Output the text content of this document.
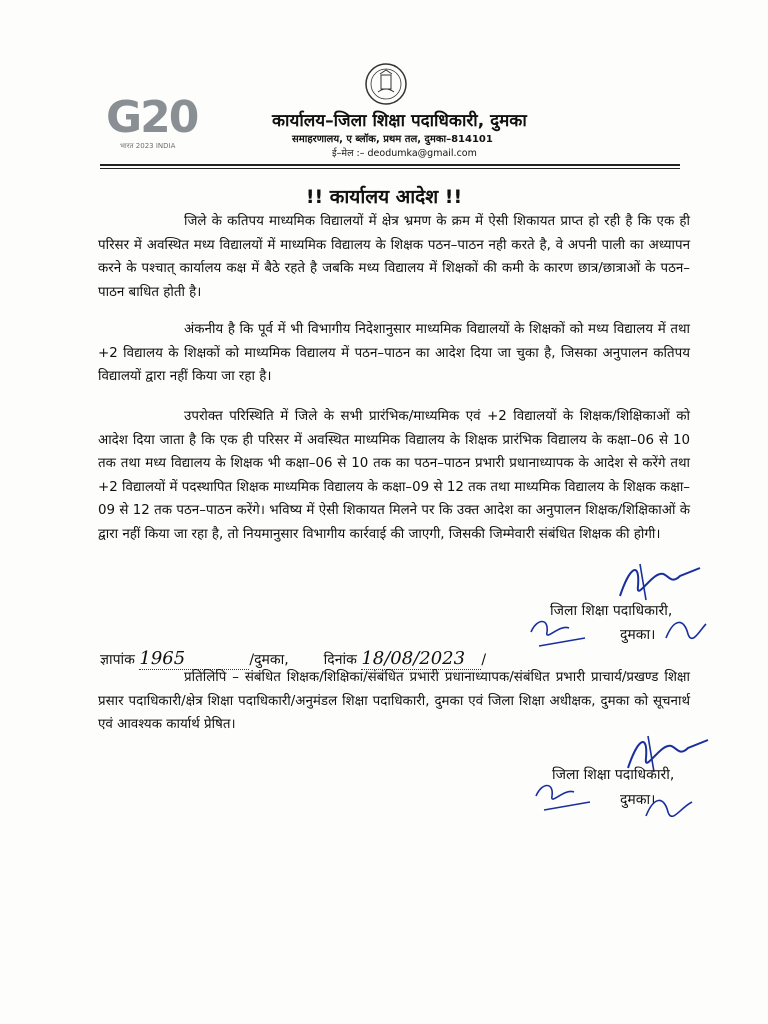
G20
भारत 2023 INDIA
कार्यालय–जिला शिक्षा पदाधिकारी, दुमका
समाहरणालय, ए ब्लॉक, प्रथम तल, दुमका–814101
ई–मेल :– deodumka@gmail.com
!! कार्यालय आदेश !!
जिले के कतिपय माध्यमिक विद्यालयों में क्षेत्र भ्रमण के क्रम में ऐसी शिकायत प्राप्त हो रही है कि एक ही परिसर में अवस्थित मध्य विद्यालयों में माध्यमिक विद्यालय के शिक्षक पठन–पाठन नही करते है, वे अपनी पाली का अध्यापन करने के पश्चात् कार्यालय कक्ष में बैठे रहते है जबकि मध्य विद्यालय में शिक्षकों की कमी के कारण छात्र/छात्राओं के पठन–पाठन बाधित होती है।
अंकनीय है कि पूर्व में भी विभागीय निदेशानुसार माध्यमिक विद्यालयों के शिक्षकों को मध्य विद्यालय में तथा +2 विद्यालय के शिक्षकों को माध्यमिक विद्यालय में पठन–पाठन का आदेश दिया जा चुका है, जिसका अनुपालन कतिपय विद्यालयों द्वारा नहीं किया जा रहा है।
उपरोक्त परिस्थिति में जिले के सभी प्रारंभिक/माध्यमिक एवं +2 विद्यालयों के शिक्षक/शिक्षिकाओं को आदेश दिया जाता है कि एक ही परिसर में अवस्थित माध्यमिक विद्यालय के शिक्षक प्रारंभिक विद्यालय के कक्षा–06 से 10 तक तथा मध्य विद्यालय के शिक्षक भी कक्षा–06 से 10 तक का पठन–पाठन प्रभारी प्रधानाध्यापक के आदेश से करेंगे तथा +2 विद्यालयों में पदस्थापित शिक्षक माध्यमिक विद्यालय के कक्षा–09 से 12 तक तथा माध्यमिक विद्यालय के शिक्षक कक्षा–09 से 12 तक पठन–पाठन करेंगे। भविष्य में ऐसी शिकायत मिलने पर कि उक्त आदेश का अनुपालन शिक्षक/शिक्षिकाओं के द्वारा नहीं किया जा रहा है, तो नियमानुसार विभागीय कार्रवाई की जाएगी, जिसकी जिम्मेवारी संबंधित शिक्षक की होगी।
जिला शिक्षा पदाधिकारी,
दुमका।
ज्ञापांक 1965	/दुमका, दिनांक 18/08/2023 /
प्रतिलिपि – संबंधित शिक्षक/शिक्षिका/संबंधित प्रभारी प्रधानाध्यापक/संबंधित प्रभारी प्राचार्य/प्रखण्ड शिक्षा प्रसार पदाधिकारी/क्षेत्र शिक्षा पदाधिकारी/अनुमंडल शिक्षा पदाधिकारी, दुमका एवं जिला शिक्षा अधीक्षक, दुमका को सूचनार्थ एवं आवश्यक कार्यार्थ प्रेषित।
जिला शिक्षा पदाधिकारी,
दुमका।
